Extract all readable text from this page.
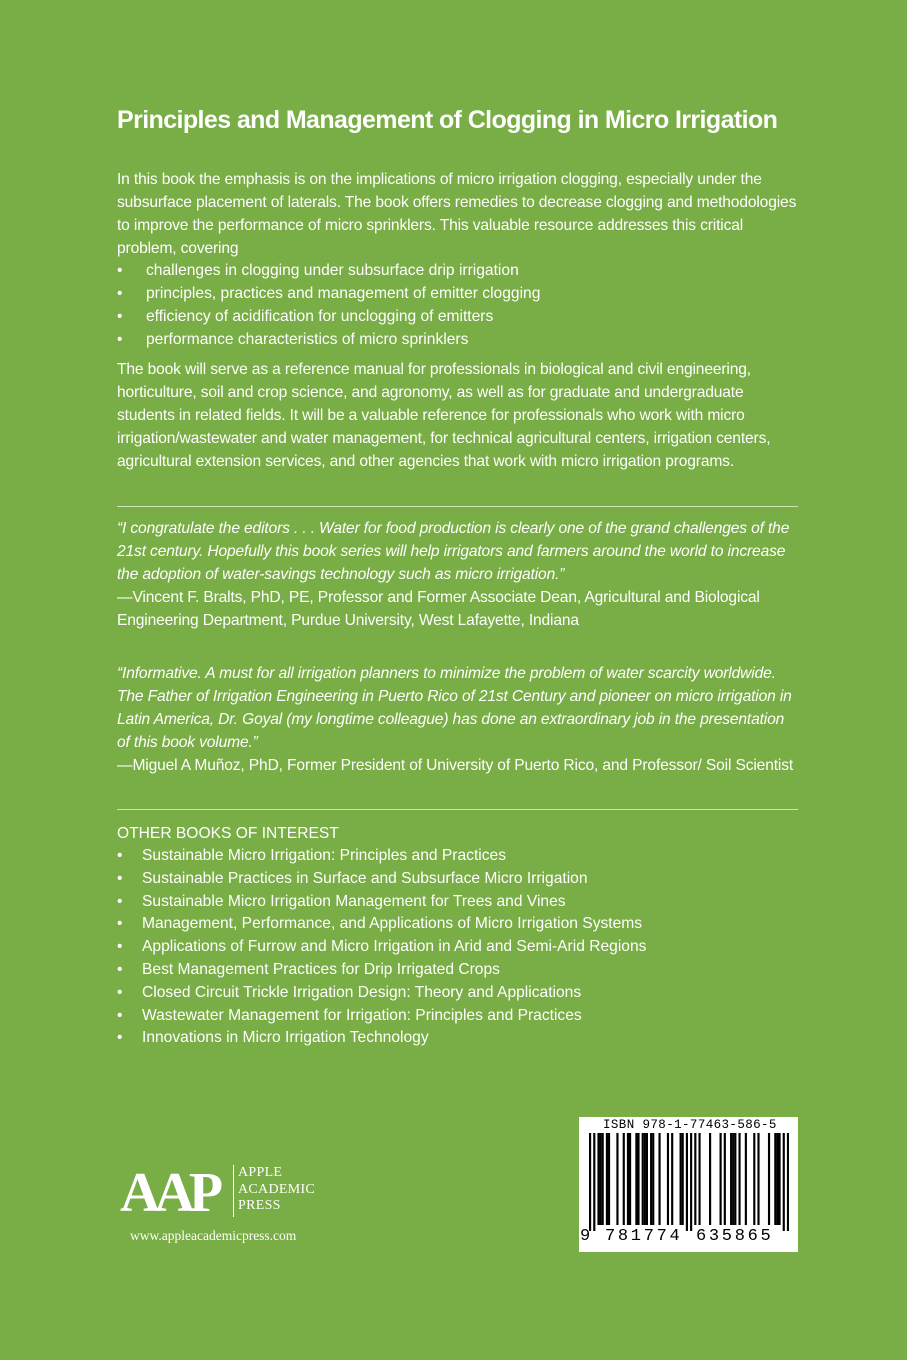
Principles and Management of Clogging in Micro Irrigation
In this book the emphasis is on the implications of micro irrigation clogging, especially under the subsurface placement of laterals. The book offers remedies to decrease clogging and methodologies to improve the performance of micro sprinklers. This valuable resource addresses this critical problem, covering
• challenges in clogging under subsurface drip irrigation
• principles, practices and management of emitter clogging
• efficiency of acidification for unclogging of emitters
• performance characteristics of micro sprinklers
The book will serve as a reference manual for professionals in biological and civil engineering, horticulture, soil and crop science, and agronomy, as well as for graduate and undergraduate students in related fields. It will be a valuable reference for professionals who work with micro irrigation/wastewater and water management, for technical agricultural centers, irrigation centers, agricultural extension services, and other agencies that work with micro irrigation programs.
“I congratulate the editors . . . Water for food production is clearly one of the grand challenges of the 21st century. Hopefully this book series will help irrigators and farmers around the world to increase the adoption of water-savings technology such as micro irrigation.”
—Vincent F. Bralts, PhD, PE, Professor and Former Associate Dean, Agricultural and Biological Engineering Department, Purdue University, West Lafayette, Indiana
“Informative. A must for all irrigation planners to minimize the problem of water scarcity worldwide. The Father of Irrigation Engineering in Puerto Rico of 21st Century and pioneer on micro irrigation in Latin America, Dr. Goyal (my longtime colleague) has done an extraordinary job in the presentation of this book volume.”
—Miguel A Muñoz, PhD, Former President of University of Puerto Rico, and Professor/ Soil Scientist
OTHER BOOKS OF INTEREST
• Sustainable Micro Irrigation: Principles and Practices
• Sustainable Practices in Surface and Subsurface Micro Irrigation
• Sustainable Micro Irrigation Management for Trees and Vines
• Management, Performance, and Applications of Micro Irrigation Systems
• Applications of Furrow and Micro Irrigation in Arid and Semi-Arid Regions
• Best Management Practices for Drip Irrigated Crops
• Closed Circuit Trickle Irrigation Design: Theory and Applications
• Wastewater Management for Irrigation: Principles and Practices
• Innovations in Micro Irrigation Technology
AAP APPLE
ACADEMIC
PRESS
www.appleacademicpress.com
ISBN 978-1-77463-586-5
9 7 8 1 7 7 4 6 3 5 8 6 5
